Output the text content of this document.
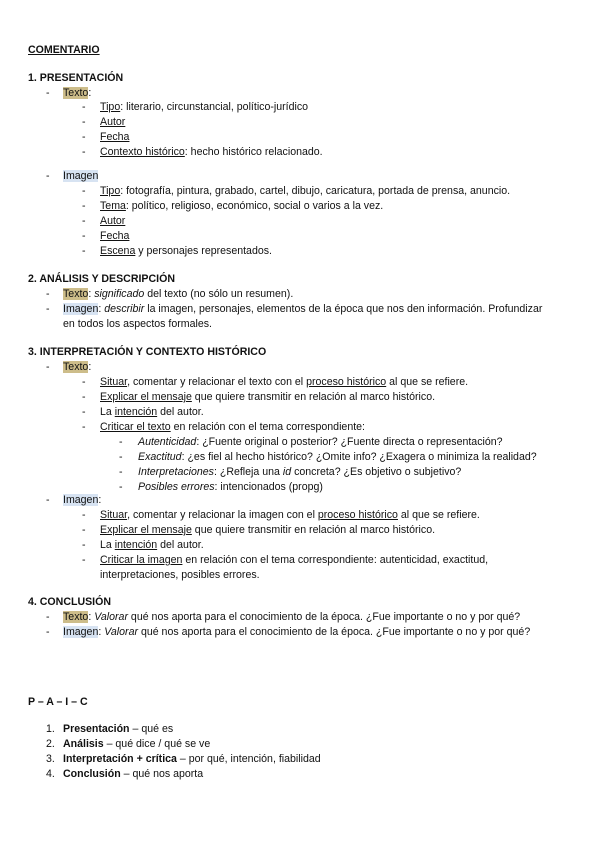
COMENTARIO
1. PRESENTACIÓN
- Texto:
- Tipo: literario, circunstancial, político-jurídico
- Autor
- Fecha
- Contexto histórico: hecho histórico relacionado.
- Imagen
- Tipo: fotografía, pintura, grabado, cartel, dibujo, caricatura, portada de prensa, anuncio.
- Tema: político, religioso, económico, social o varios a la vez.
- Autor
- Fecha
- Escena y personajes representados.
2. ANÁLISIS Y DESCRIPCIÓN
- Texto: significado del texto (no sólo un resumen).
- Imagen: describir la imagen, personajes, elementos de la época que nos den información. Profundizar
en todos los aspectos formales.
3. INTERPRETACIÓN Y CONTEXTO HISTÓRICO
- Texto:
- Situar, comentar y relacionar el texto con el proceso histórico al que se refiere.
- Explicar el mensaje que quiere transmitir en relación al marco histórico.
- La intención del autor.
- Criticar el texto en relación con el tema correspondiente:
- Autenticidad: ¿Fuente original o posterior? ¿Fuente directa o representación?
- Exactitud: ¿es fiel al hecho histórico? ¿Omite info? ¿Exagera o minimiza la realidad?
- Interpretaciones: ¿Refleja una id concreta? ¿Es objetivo o subjetivo?
- Posibles errores: intencionados (propg)
- Imagen:
- Situar, comentar y relacionar la imagen con el proceso histórico al que se refiere.
- Explicar el mensaje que quiere transmitir en relación al marco histórico.
- La intención del autor.
- Criticar la imagen en relación con el tema correspondiente: autenticidad, exactitud,
interpretaciones, posibles errores.
4. CONCLUSIÓN
- Texto: Valorar qué nos aporta para el conocimiento de la época. ¿Fue importante o no y por qué?
- Imagen: Valorar qué nos aporta para el conocimiento de la época. ¿Fue importante o no y por qué?
P – A – I – C
1. Presentación – qué es
2. Análisis – qué dice / qué se ve
3. Interpretación + crítica – por qué, intención, fiabilidad
4. Conclusión – qué nos aporta
